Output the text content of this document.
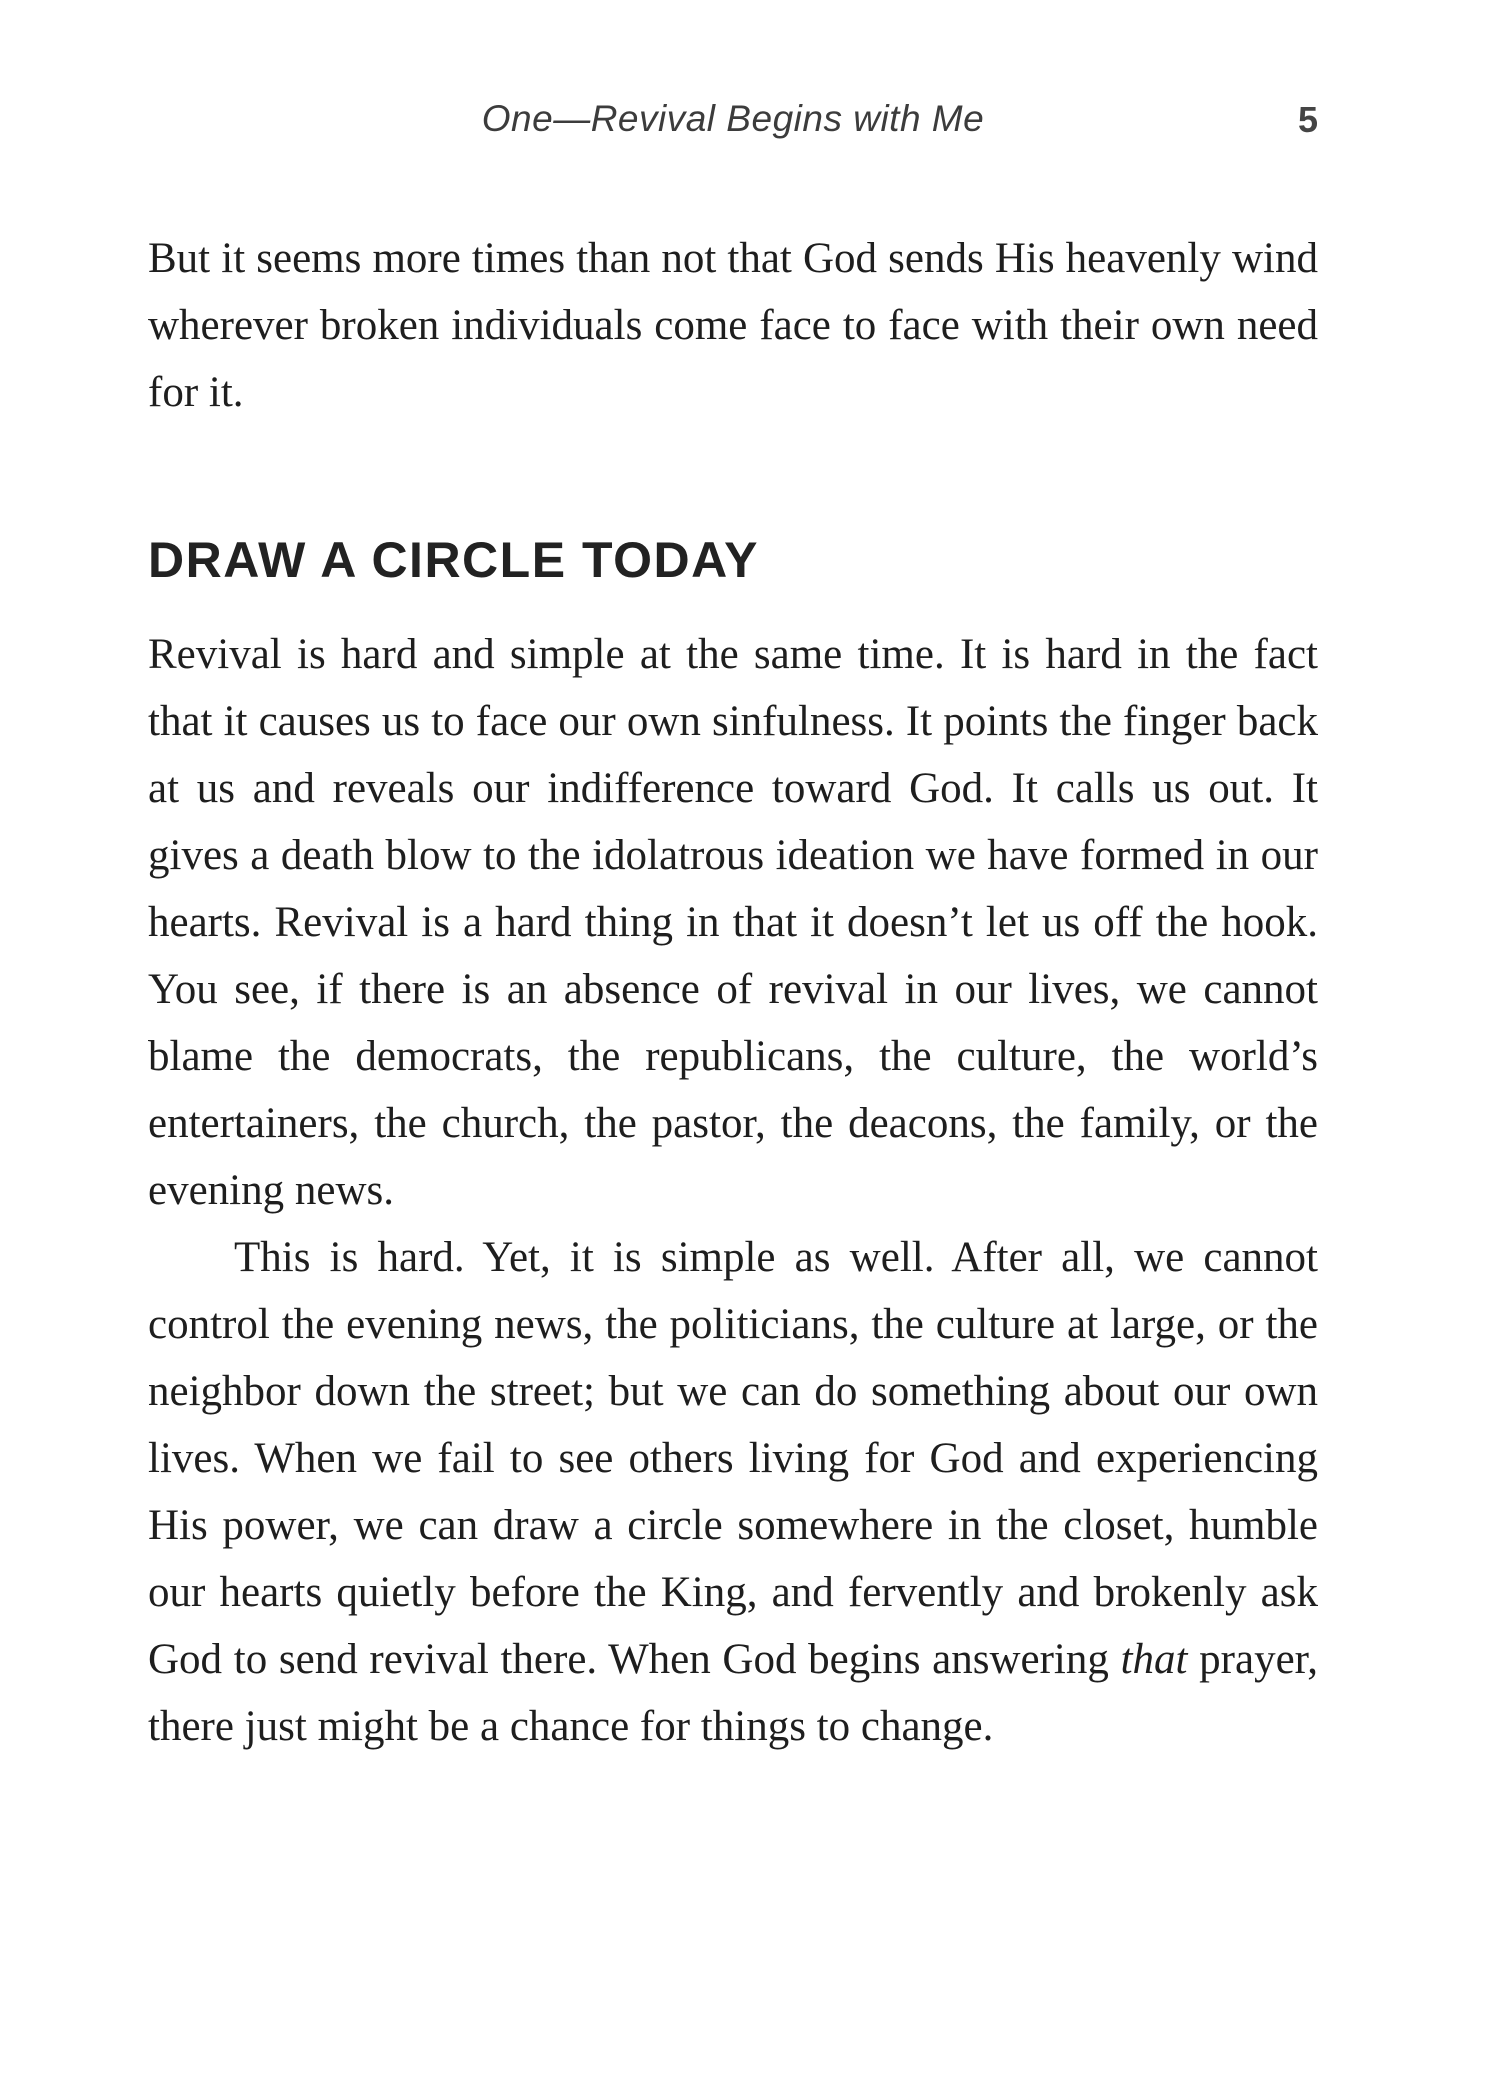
One—Revival Begins with Me	5

But it seems more times than not that God sends His heavenly wind wherever broken individuals come face to face with their own need for it.

DRAW A CIRCLE TODAY

Revival is hard and simple at the same time. It is hard in the fact that it causes us to face our own sinfulness. It points the finger back at us and reveals our indifference toward God. It calls us out. It gives a death blow to the idolatrous ideation we have formed in our hearts. Revival is a hard thing in that it doesn’t let us off the hook. You see, if there is an absence of revival in our lives, we cannot blame the democrats, the republicans, the culture, the world’s entertainers, the church, the pastor, the deacons, the family, or the evening news.

This is hard. Yet, it is simple as well. After all, we cannot control the evening news, the politicians, the culture at large, or the neighbor down the street; but we can do something about our own lives. When we fail to see others living for God and experiencing His power, we can draw a circle somewhere in the closet, humble our hearts quietly before the King, and fervently and brokenly ask God to send revival there. When God begins answering that prayer, there just might be a chance for things to change.
